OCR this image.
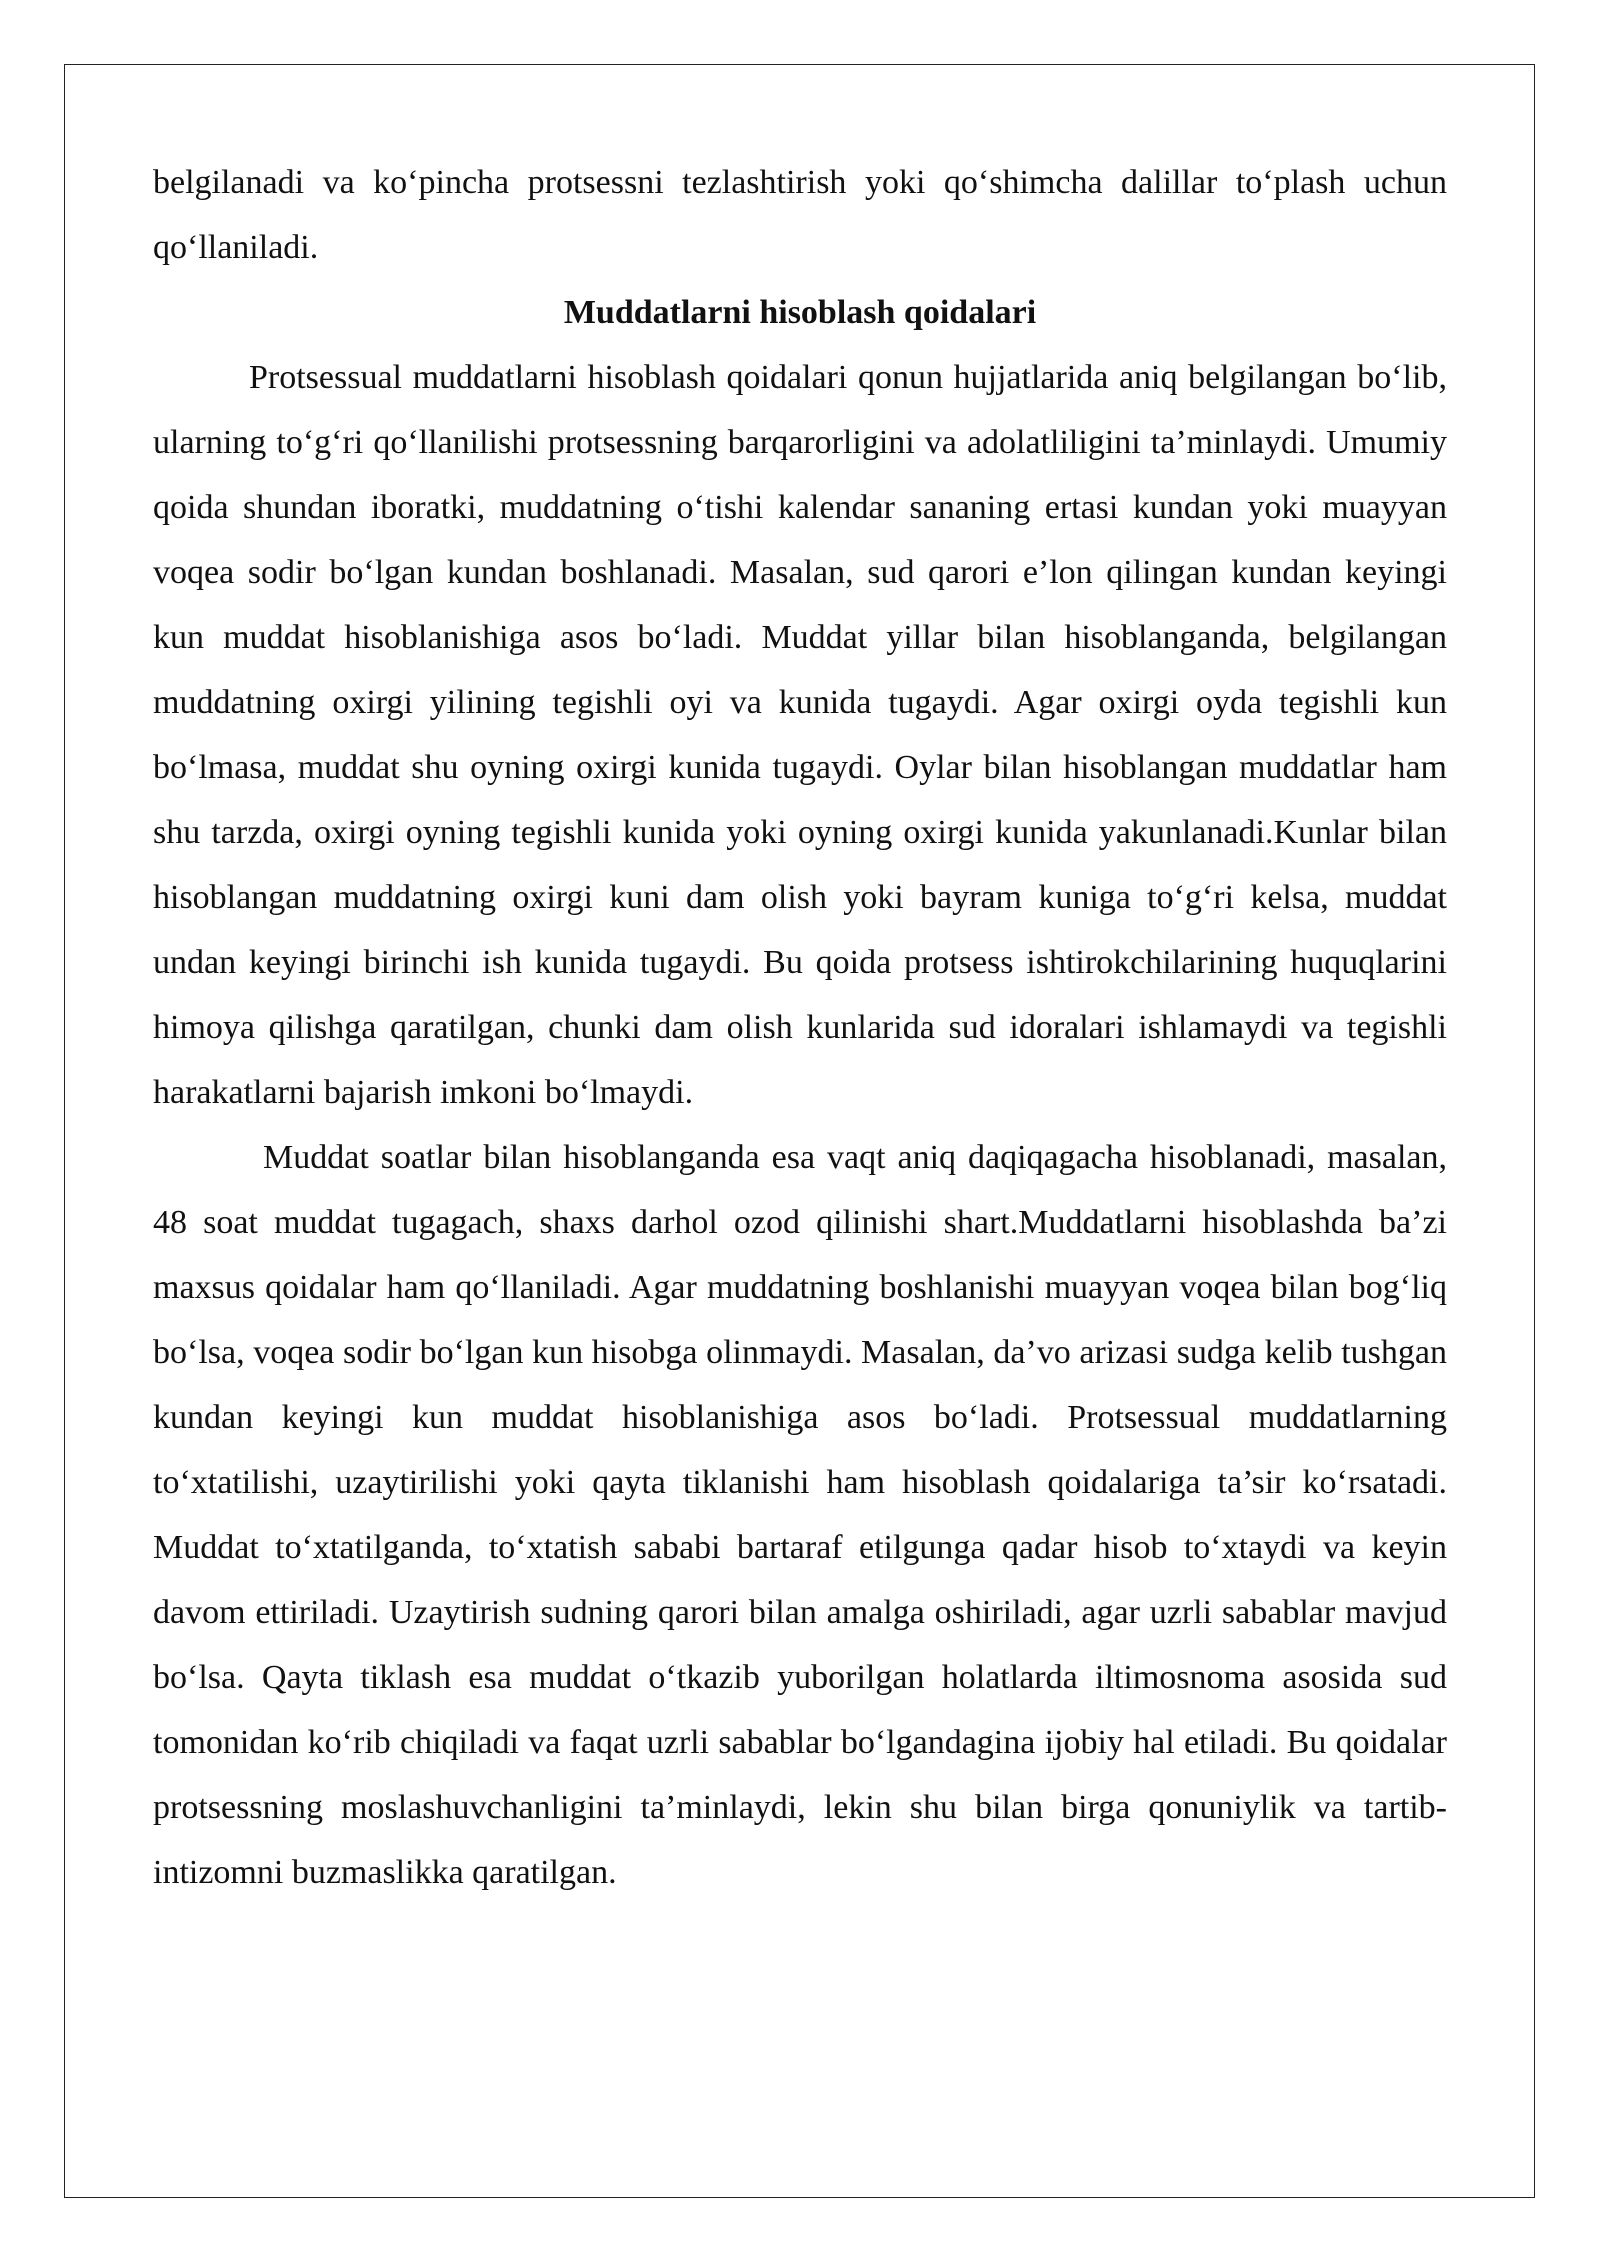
belgilanadi va ko‘pincha protsessni tezlashtirish yoki qo‘shimcha dalillar to‘plash uchun qo‘llaniladi.

Muddatlarni hisoblash qoidalari

Protsessual muddatlarni hisoblash qoidalari qonun hujjatlarida aniq belgilangan bo‘lib, ularning to‘g‘ri qo‘llanilishi protsessning barqarorligini va adolatliligini ta’minlaydi. Umumiy qoida shundan iboratki, muddatning o‘tishi kalendar sananing ertasi kundan yoki muayyan voqea sodir bo‘lgan kundan boshlanadi. Masalan, sud qarori e’lon qilingan kundan keyingi kun muddat hisoblanishiga asos bo‘ladi. Muddat yillar bilan hisoblanganda, belgilangan muddatning oxirgi yilining tegishli oyi va kunida tugaydi. Agar oxirgi oyda tegishli kun bo‘lmasa, muddat shu oyning oxirgi kunida tugaydi. Oylar bilan hisoblangan muddatlar ham shu tarzda, oxirgi oyning tegishli kunida yoki oyning oxirgi kunida yakunlanadi.Kunlar bilan hisoblangan muddatning oxirgi kuni dam olish yoki bayram kuniga to‘g‘ri kelsa, muddat undan keyingi birinchi ish kunida tugaydi. Bu qoida protsess ishtirokchilarining huquqlarini himoya qilishga qaratilgan, chunki dam olish kunlarida sud idoralari ishlamaydi va tegishli harakatlarni bajarish imkoni bo‘lmaydi.

Muddat soatlar bilan hisoblanganda esa vaqt aniq daqiqagacha hisoblanadi, masalan, 48 soat muddat tugagach, shaxs darhol ozod qilinishi shart.Muddatlarni hisoblashda ba’zi maxsus qoidalar ham qo‘llaniladi. Agar muddatning boshlanishi muayyan voqea bilan bog‘liq bo‘lsa, voqea sodir bo‘lgan kun hisobga olinmaydi. Masalan, da’vo arizasi sudga kelib tushgan kundan keyingi kun muddat hisoblanishiga asos bo‘ladi. Protsessual muddatlarning to‘xtatilishi, uzaytirilishi yoki qayta tiklanishi ham hisoblash qoidalariga ta’sir ko‘rsatadi. Muddat to‘xtatilganda, to‘xtatish sababi bartaraf etilgunga qadar hisob to‘xtaydi va keyin davom ettiriladi. Uzaytirish sudning qarori bilan amalga oshiriladi, agar uzrli sabablar mavjud bo‘lsa. Qayta tiklash esa muddat o‘tkazib yuborilgan holatlarda iltimosnoma asosida sud tomonidan ko‘rib chiqiladi va faqat uzrli sabablar bo‘lgandagina ijobiy hal etiladi. Bu qoidalar protsessning moslashuvchanligini ta’minlaydi, lekin shu bilan birga qonuniylik va tartib-intizomni buzmaslikka qaratilgan.
